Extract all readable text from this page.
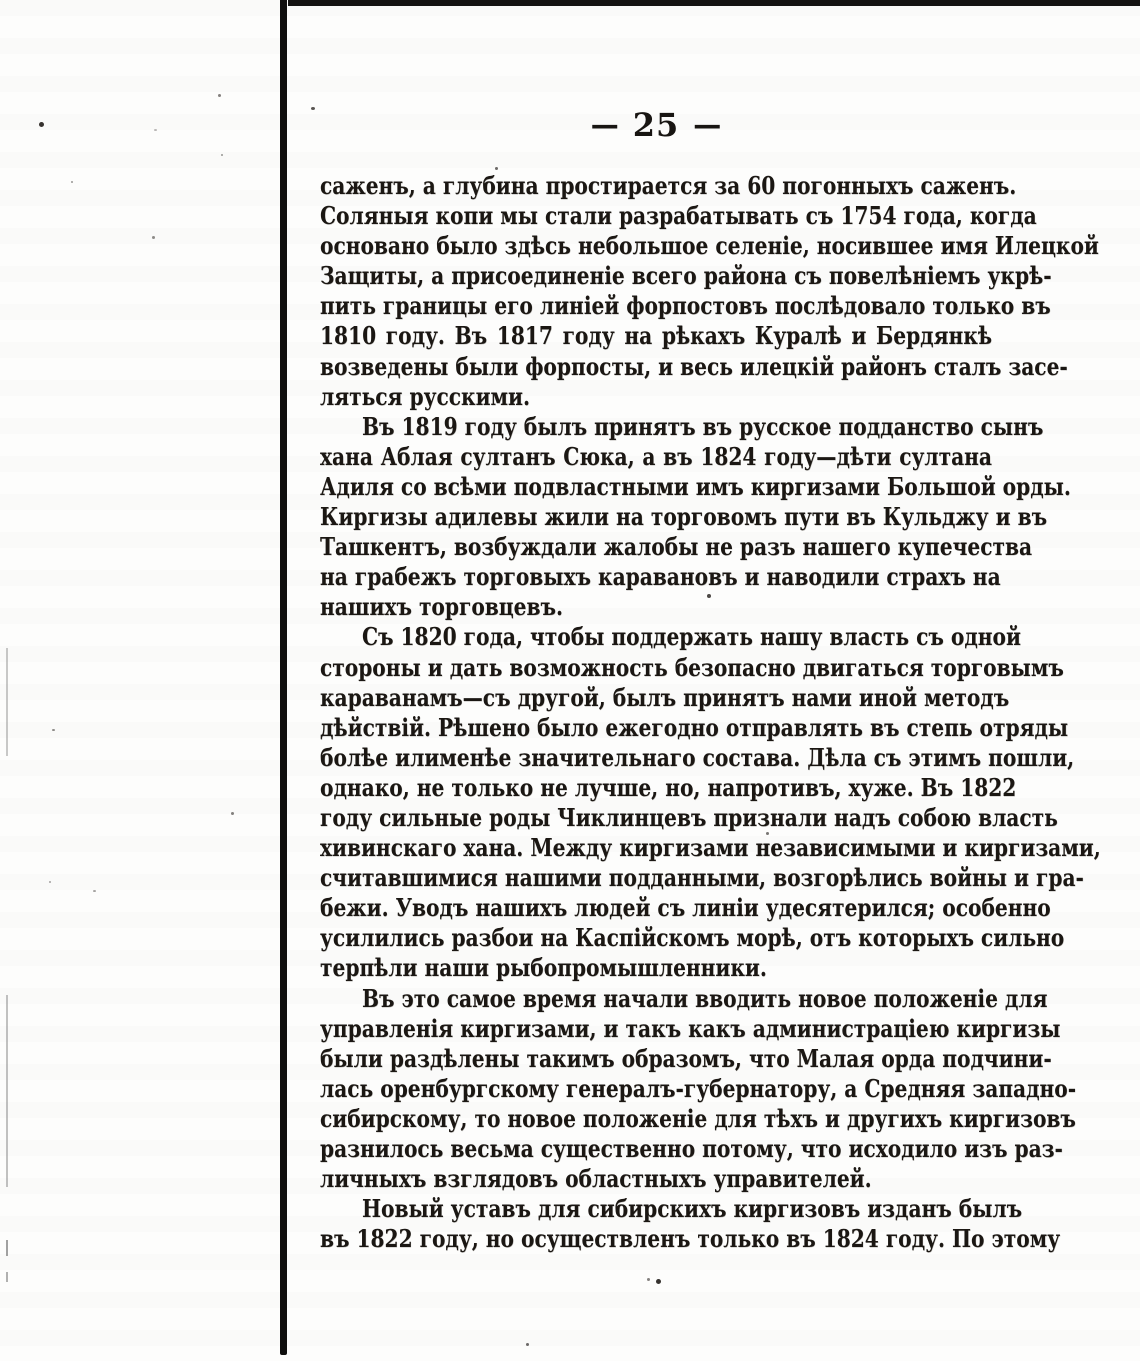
— 25 —
саженъ, а глубина простирается за 60 погонныхъ саженъ.
Соляныя копи мы стали разрабатывать съ 1754 года, когда
основано было здѣсь небольшое селеніе, носившее имя Илецкой
Защиты, а присоединеніе всего района съ повелѣніемъ укрѣ-
пить границы его линіей форпостовъ послѣдовало только въ
1810 году. Въ 1817 году на рѣкахъ Куралѣ и Бердянкѣ
возведены были форпосты, и весь илецкій районъ сталъ засе-
ляться русскими.
Въ 1819 году былъ принятъ въ русское подданство сынъ
хана Аблая султанъ Сюка, а въ 1824 году—дѣти султана
Адиля со всѣми подвластными имъ киргизами Большой орды.
Киргизы адилевы жили на торговомъ пути въ Кульджу и въ
Ташкентъ, возбуждали жалобы не разъ нашего купечества
на грабежъ торговыхъ каравановъ и наводили страхъ на
нашихъ торговцевъ.
Съ 1820 года, чтобы поддержать нашу власть съ одной
стороны и дать возможность безопасно двигаться торговымъ
караванамъ—съ другой, былъ принятъ нами иной методъ
дѣйствій. Рѣшено было ежегодно отправлять въ степь отряды
болѣе илименѣе значительнаго состава. Дѣла съ этимъ пошли,
однако, не только не лучше, но, напротивъ, хуже. Въ 1822
году сильные роды Чиклинцевъ признали надъ собою власть
хивинскаго хана. Между киргизами независимыми и киргизами,
считавшимися нашими подданными, возгорѣлись войны и гра-
бежи. Уводъ нашихъ людей съ линіи удесятерился; особенно
усилились разбои на Каспійскомъ морѣ, отъ которыхъ сильно
терпѣли наши рыбопромышленники.
Въ это самое время начали вводить новое положеніе для
управленія киргизами, и такъ какъ администраціею киргизы
были раздѣлены такимъ образомъ, что Малая орда подчини-
лась оренбургскому генералъ-губернатору, а Средняя западно-
сибирскому, то новое положеніе для тѣхъ и другихъ киргизовъ
разнилось весьма существенно потому, что исходило изъ раз-
личныхъ взглядовъ областныхъ управителей.
Новый уставъ для сибирскихъ киргизовъ изданъ былъ
въ 1822 году, но осуществленъ только въ 1824 году. По этому
